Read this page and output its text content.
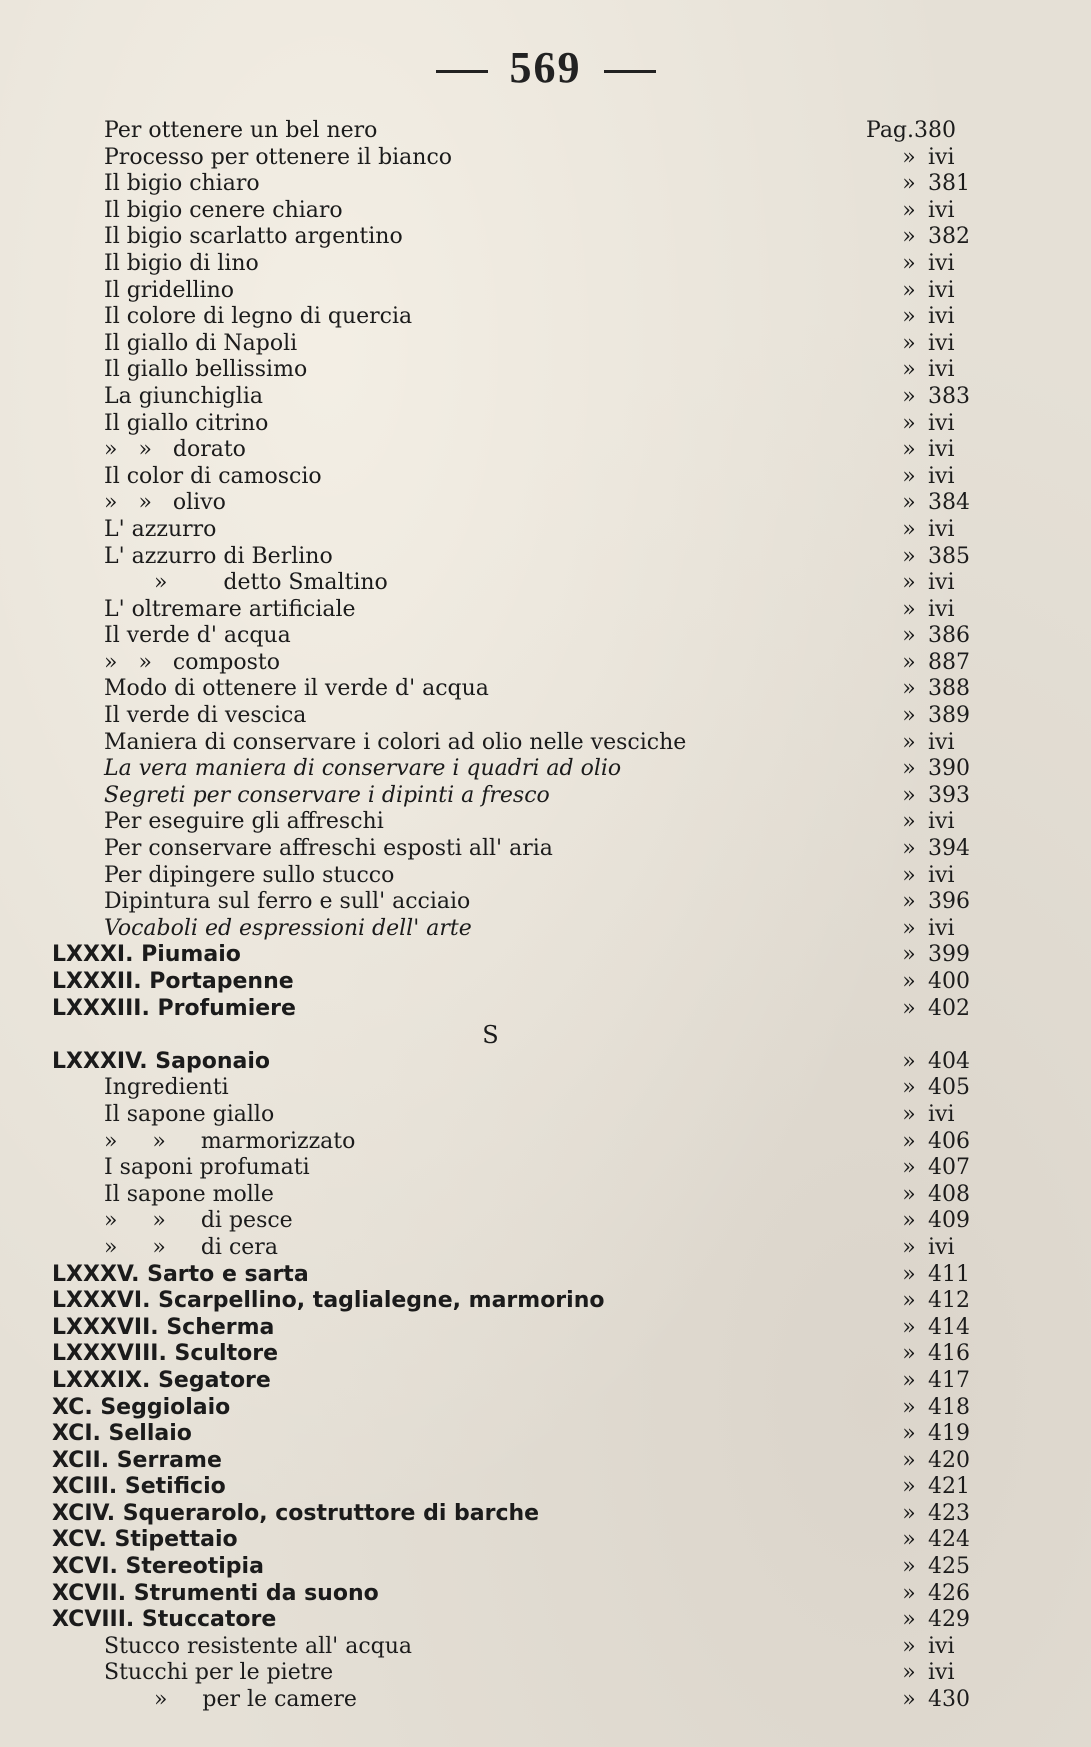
569
Per ottenere un bel nero	Pag.380
Processo per ottenere il bianco	» ivi
Il bigio chiaro	» 381
Il bigio cenere chiaro	» ivi
Il bigio scarlatto argentino	» 382
Il bigio di lino	» ivi
Il gridellino	» ivi
Il colore di legno di quercia	» ivi
Il giallo di Napoli	» ivi
Il giallo bellissimo	» ivi
La giunchiglia	» 383
Il giallo citrino	» ivi
»   »   dorato	» ivi
Il color di camoscio	» ivi
»   »   olivo	» 384
L' azzurro	» ivi
L' azzurro di Berlino	» 385
»        detto Smaltino	» ivi
L' oltremare artificiale	» ivi
Il verde d' acqua	» 386
»   »   composto	» 887
Modo di ottenere il verde d' acqua	» 388
Il verde di vescica	» 389
Maniera di conservare i colori ad olio nelle vesciche	» ivi
La vera maniera di conservare i quadri ad olio	» 390
Segreti per conservare i dipinti a fresco	» 393
Per eseguire gli affreschi	» ivi
Per conservare affreschi esposti all' aria	» 394
Per dipingere sullo stucco	» ivi
Dipintura sul ferro e sull' acciaio	» 396
Vocaboli ed espressioni dell' arte	» ivi
LXXXI. Piumaio	» 399
LXXXII. Portapenne	» 400
LXXXIII. Profumiere	» 402
S
LXXXIV. Saponaio	» 404
Ingredienti	» 405
Il sapone giallo	» ivi
»     »     marmorizzato	» 406
I saponi profumati	» 407
Il sapone molle	» 408
»     »     di pesce	» 409
»     »     di cera	» ivi
LXXXV. Sarto e sarta	» 411
LXXXVI. Scarpellino, taglialegne, marmorino	» 412
LXXXVII. Scherma	» 414
LXXXVIII. Scultore	» 416
LXXXIX. Segatore	» 417
XC. Seggiolaio	» 418
XCI. Sellaio	» 419
XCII. Serrame	» 420
XCIII. Setificio	» 421
XCIV. Squerarolo, costruttore di barche	» 423
XCV. Stipettaio	» 424
XCVI. Stereotipia	» 425
XCVII. Strumenti da suono	» 426
XCVIII. Stuccatore	» 429
Stucco resistente all' acqua	» ivi
Stucchi per le pietre	» ivi
»     per le camere	» 430
